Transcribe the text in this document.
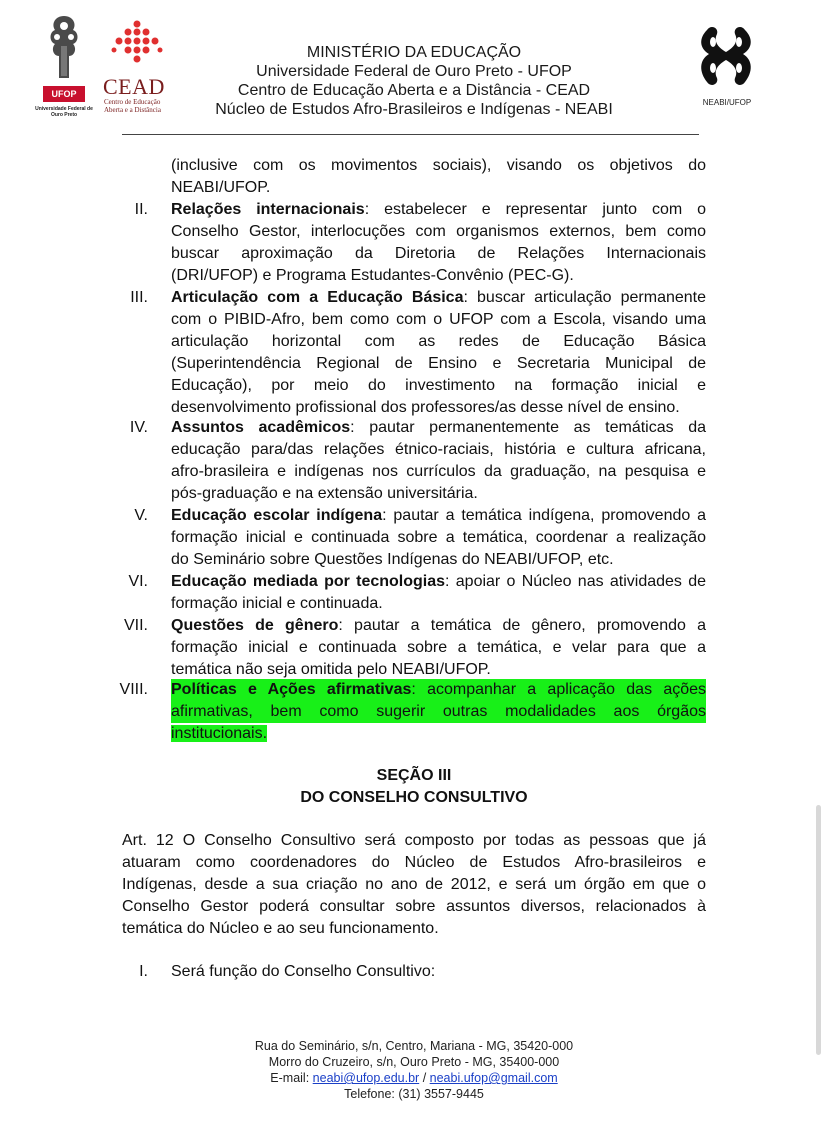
UFOP
Universidade Federal de Ouro Preto
CEAD
Centro de Educação Aberta e a Distância
NEABI/UFOP
MINISTÉRIO DA EDUCAÇÃO
Universidade Federal de Ouro Preto - UFOP
Centro de Educação Aberta e a Distância - CEAD
Núcleo de Estudos Afro-Brasileiros e Indígenas - NEABI
(inclusive com os movimentos sociais), visando os objetivos do
NEABI/UFOP.
II. Relações internacionais: estabelecer e representar junto com o
Conselho Gestor, interlocuções com organismos externos, bem como
buscar aproximação da Diretoria de Relações Internacionais
(DRI/UFOP) e Programa Estudantes-Convênio (PEC-G).
III. Articulação com a Educação Básica: buscar articulação permanente
com o PIBID-Afro, bem como com o UFOP com a Escola, visando uma
articulação horizontal com as redes de Educação Básica
(Superintendência Regional de Ensino e Secretaria Municipal de
Educação), por meio do investimento na formação inicial e
desenvolvimento profissional dos professores/as desse nível de ensino.
IV. Assuntos acadêmicos: pautar permanentemente as temáticas da
educação para/das relações étnico-raciais, história e cultura africana,
afro-brasileira e indígenas nos currículos da graduação, na pesquisa e
pós-graduação e na extensão universitária.
V. Educação escolar indígena: pautar a temática indígena, promovendo a
formação inicial e continuada sobre a temática, coordenar a realização
do Seminário sobre Questões Indígenas do NEABI/UFOP, etc.
VI. Educação mediada por tecnologias: apoiar o Núcleo nas atividades de
formação inicial e continuada.
VII. Questões de gênero: pautar a temática de gênero, promovendo a
formação inicial e continuada sobre a temática, e velar para que a
temática não seja omitida pelo NEABI/UFOP.
VIII. Políticas e Ações afirmativas: acompanhar a aplicação das ações
afirmativas, bem como sugerir outras modalidades aos órgãos
institucionais.
SEÇÃO III
DO CONSELHO CONSULTIVO
Art. 12 O Conselho Consultivo será composto por todas as pessoas que já
atuaram como coordenadores do Núcleo de Estudos Afro-brasileiros e
Indígenas, desde a sua criação no ano de 2012, e será um órgão em que o
Conselho Gestor poderá consultar sobre assuntos diversos, relacionados à
temática do Núcleo e ao seu funcionamento.
I. Será função do Conselho Consultivo:
Rua do Seminário, s/n, Centro, Mariana - MG, 35420-000
Morro do Cruzeiro, s/n, Ouro Preto - MG, 35400-000
E-mail: neabi@ufop.edu.br / neabi.ufop@gmail.com
Telefone: (31) 3557-9445
